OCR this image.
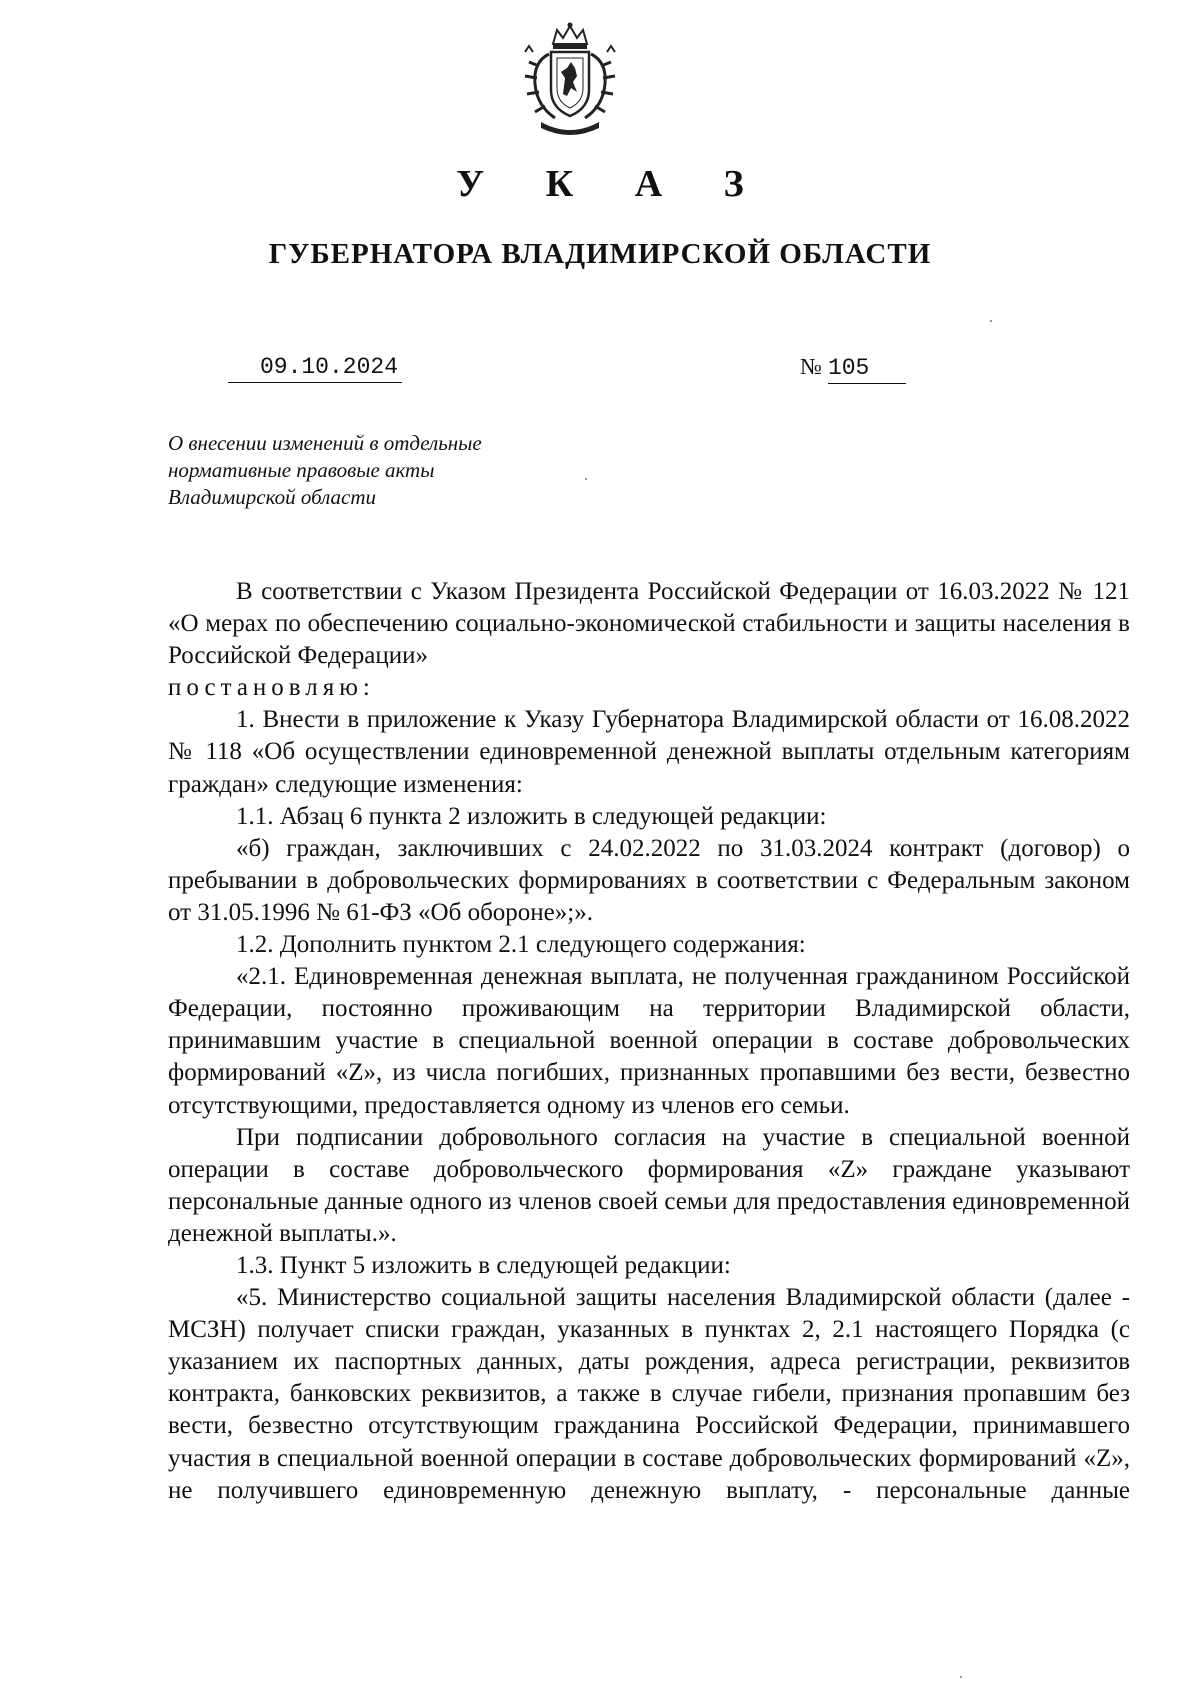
У К А З
ГУБЕРНАТОРА ВЛАДИМИРСКОЙ ОБЛАСТИ
09.10.2024	№ 105
О внесении изменений в отдельные
нормативные правовые акты
Владимирской области

В соответствии с Указом Президента Российской Федерации от 16.03.2022 № 121 «О мерах по обеспечению социально-экономической стабильности и защиты населения в Российской Федерации»

постановляю:

1. Внести в приложение к Указу Губернатора Владимирской области от 16.08.2022 № 118 «Об осуществлении единовременной денежной выплаты отдельным категориям граждан» следующие изменения:

1.1. Абзац 6 пункта 2 изложить в следующей редакции:

«б) граждан, заключивших с 24.02.2022 по 31.03.2024 контракт (договор) о пребывании в добровольческих формированиях в соответствии с Федеральным законом от 31.05.1996 № 61-ФЗ «Об обороне»;».

1.2. Дополнить пунктом 2.1 следующего содержания:

«2.1. Единовременная денежная выплата, не полученная гражданином Российской Федерации, постоянно проживающим на территории Владимирской области, принимавшим участие в специальной военной операции в составе добровольческих формирований «Z», из числа погибших, признанных пропавшими без вести, безвестно отсутствующими, предоставляется одному из членов его семьи.

При подписании добровольного согласия на участие в специальной военной операции в составе добровольческого формирования «Z» граждане указывают персональные данные одного из членов своей семьи для предоставления единовременной денежной выплаты.».

1.3. Пункт 5 изложить в следующей редакции:

«5. Министерство социальной защиты населения Владимирской области (далее - МСЗН) получает списки граждан, указанных в пунктах 2, 2.1 настоящего Порядка (с указанием их паспортных данных, даты рождения, адреса регистрации, реквизитов контракта, банковских реквизитов, а также в случае гибели, признания пропавшим без вести, безвестно отсутствующим гражданина Российской Федерации, принимавшего участия в специальной военной операции в составе добровольческих формирований «Z», не получившего единовременную денежную выплату, - персональные данные
